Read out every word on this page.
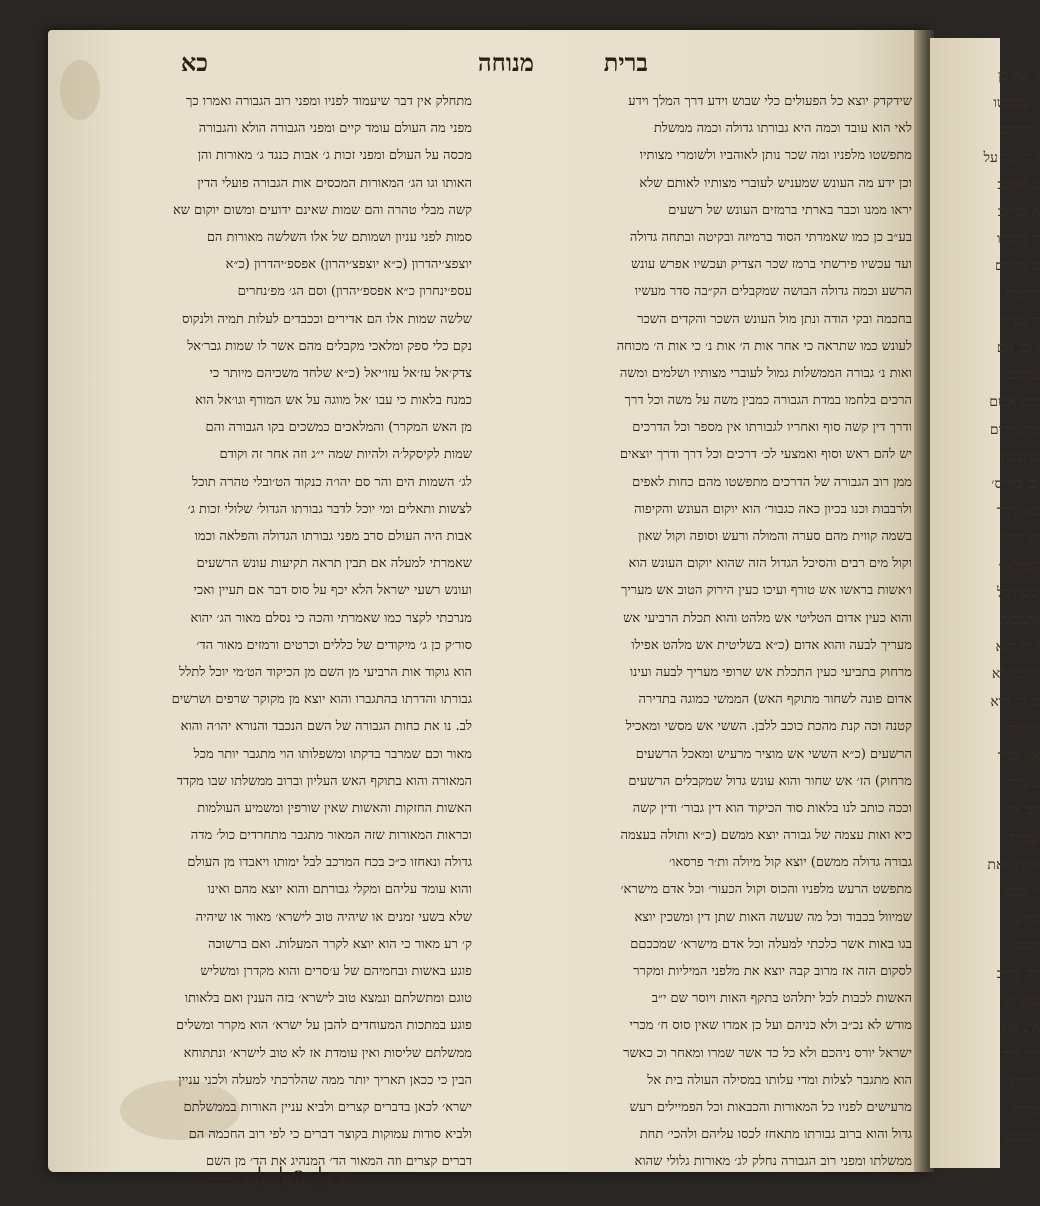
ג ועל כן
י שכמשו
ו והמים
ו הושה על
ב האהב
ת ומרוב
ה נקסרו
ם מזיוום
תרוכת
ה כפ״ר
ו וכו הם
עליכם
כים אשם
כותניירים
בו׳ובכה
ים כוליס׳
כא׳ דרך
ום והיא
המולאו׳
שסהיכל
גהמכות
ו זה הוא
ואשר לא
ם זה הוא
הגדולי
אין תדר
עשרה
רב אל
שמות
ואותו ואת
ר הסבי
ופרעי
הסס
דה כרוב
כות הג׳
הינ את
ויק היה
ואדרן
כותה
והכסם
ברית
מנוחה
כא
שידקדק יוצא כל הפעולים כלי שבוש וידע דרך המלך וידע
לאי הוא עובד וכמה היא גבורתו גדולה וכמה ממשלת
מתפשטו מלפניו ומה שכר נותן לאוהביו ולשומרי מצותיו
וכן ידע מה העונש שמעניש לעוברי מצותיו לאותם שלא
יראו ממנו וכבר בארתי ברמזים העונש של רשעים
בע״ב כן כמו שאמרתי הסוד ברמיזה ובקיטה ובתחה גדולה
ועד עכשיו פירשתי ברמז שכר הצדיק ועכשיו אפרש עונש
הרשע וכמה גדולה הבושה שמקבלים הק״בה סדר מעשיו
בחכמה ובקי הודה ונתן מול העונש השכר והקדים השכר
לעונש כמו שתראה כי אחר אות ה׳ אות נ׳ כי אות ה׳ מכוחה
ואות נ׳ גבורה הממשלות גמול לעוברי מצותיו ושלמים ומשה
הרכים בלחמו במדת הגבורה כמבין משה על משה וכל דרך
ודרך דין קשה סוף ואחריו לגבורתו אין מספר וכל הדרכים
יש להם ראש וסוף ואמצעי לכ׳ דרכים וכל דרך ודרך יוצאים
ממן רוב הגבורה של הדרכים מתפשטו מהם כחות לאפים
ולרבבות וכנו בכיון כאה כגבור׳ הוא יוקום העונש והקיפוה
בשמה קווית מהם סערה והמולה ורעש וסופה וקול שאון
וקול מים רבים והסיכל הגדול הזה שהוא יוקום העונש הוא
ו׳אשות בראשו אש טורף ועיכו כעין הירוק הטוב אש מעריך
והוא כעין אדום הטליטי אש מלהט והוא תכלת הרביעי אש
מעריך לבעה והוא אדום (כ״א בשליטית אש מלהט אפילו
מרחוק בתביעי כעין התכלת אש שרופי מעריך לבעה ועינו
אדום פונה לשחור מתוקף האש) הממשי כמוגה בתדירה
קטנה וכה קנת מהכת כוכב ללבן. הששי אש מסשי ומאכיל
הרשעים (כ״א הששי אש מוציר מרעיש ומאכל הרשעים
מרחוק) הז׳ אש שחור והוא עונש גדול שמקבלים הרשעים
וככה כותב לנו בלאות סוד הכיקוד הוא דין גבור׳ ודין קשה
כיא ואות עצמה של גבורה יוצא ממשם (כ״א ותולה בעצמה
גבורה גדולה ממשם) יוצא קול מיולה ות׳ר פרסאו׳
מתפשט הרעש מלפניו והכוס וקול הכעור׳ וכל אדם מישרא׳
שמיוול בכבוד וכל מה שעשה האות שתן דין ומשכין יוצא
בגו באות אשר כלכתי למעלה וכל אדם מישרא׳ שמככםם
לסקום הזה אז מרוב קבה יוצא את מלפני המיליות ומקרר
האשות לכבות לכל יתלהט בתקף האות ויוסר שם י״ב
מודש לא נכ״ב ולא כניהם ועל כן אמרו שאין סוס ח׳ מכרי
ישראל יורס ניהכם ולא כל כד אשר שמרו ומאחר וכ כאשר
הוא מתגבר לצלות ומדי עלותו במסילה העולה בית אל
מרעישים לפניו כל המאורות והכבאות וכל הפמיילים רעש
גדול והוא ברוב גבורתו מתאחז לכסו עליהם ולהכי׳ תחת
ממשלתו ומפני רוב הגבורה נחלק לג׳ מאורות גלולי שהוא
מתחלק אין דבר שיעמוד לפניו ומפני רוב הגבורה ואמרו כך
מפני מה העולם עומד קיים ומפני הגבורה הולא והגבורה
מכסה על העולם ומפני זכות ג׳ אבות כנגד ג׳ מאורות והן
האותו וגו הג׳ המאורות המכסים אות הגבורה פועלי הדין
קשה מבלי טהרה והם שמות שאינם ידועים ומשום יוקום שא
סמות לפני עניון ושמותם של אלו השלשה מאורות הם
יוצפצ׳יהדרון (כ״א יוצפצ׳יהרון) אפספ׳יהדרון (כ״א
עספ׳ינחרון כ״א אפספ׳יהרון) וסם הג׳ מפ׳נחרים
שלשה שמות אלו הם אדירים וככבדים לעלות תמיה ולנקוס
נקם כלי ספק ומלאכי מקבלים מהם אשר לו שמות גבר׳אל
צדק׳אל עז׳אל עזו׳יאל (כ״א שלחד משכיהם מיותר כי
כמנח בלאות כי עבו ׳אל מווגה על אש המורף וגו׳אל הוא
מן האש המקרר) והמלאכים כמשכים בקו הגבורה והם
שמות לקיסקל׳ה ולהיות שמה י״ג וזה אחר זה וקודם
לג׳ השמות הים והר סם יהו׳ה כנקוד הט׳ובלי טהרה תוכל
לצשות ותאלים ומי יוכל לדבר גבורתו הגדול׳ שלולי זכות ג׳
אבות היה העולם סרב מפני גבורתו הגדולה והפלאה וכמו
שאמרתי למעלה אם תבין תראה תקיעות עונש הרשעים
ועונש רשעי ישראל הלא יכף על סוס דבר אם תעיין ואכי
מנרכתי לקצר כמו שאמרתי והכה כי נסלם מאור הג׳ יהוא
סור׳ק כן ג׳ מיקודים של כללים וכרטים ורמזים מאור הד׳
הוא גוקוד אות הרביעי מן השם מן הכיקוד הט׳מי יוכל לתלל
גבורתו והדרתו בהתגברו והוא יוצא מן מקוקר שרפים ושרשים
לב. נו את כחות הגבורה של השם הנכבד והנורא יהו׳ה והוא
מאור וכם שמרבר בדקתו ומשפלותו הוי מתגבר יותר מכל
המאורה והוא בתוקף האש העליון וברוב ממשלתו שבו מקדד
האשות החזקות והאשות שאין שורפין ומשמיע העולמות
וכראות המאורות שזה המאור מתגבר מתחרדים כול׳ מדה
גדולה ונאחזו כ״כ בכח המרכב לבל ימותו ויאבדו מן העולם
והוא עומד עליהם ומקלי גבורתם והוא יוצא מהם ואינו
שלא בשעי זמנים או שיהיה טוב לישרא׳ מאור או שיהיה
ק׳ רע מאור כי הוא יוצא לקרר המעלות. ואם ברשוכה
פוגע באשות ובחמיהם של ע׳סרים והוא מקדרן ומשליש
טוגם ומתשלתם ונמצא טוב לישרא׳ בזה הענין ואם בלאותו
פוגע במתכות המעוחדים להבן על ישרא׳ הוא מקרר ומשלים
ממשלתם שליסות ואין עומדת אז לא טוב לישרא׳ ונתתוחא
הבין כי ככאן תאריך יותר ממה שהלרכתי למעלה ולכני עניין
ישרא׳ לכאן בדברים קצרים ולביא עניין האורות בממשלתם
ולביא סודות עמוקות בקוצר דברים כי לפי רוב החכמה הם
דברים קצרים וזה המאור הד׳ המנהיג את הד׳ מן השם
ו א ׀ ‏ 6 ׀ ‏ ׀ ‏ הככבד
